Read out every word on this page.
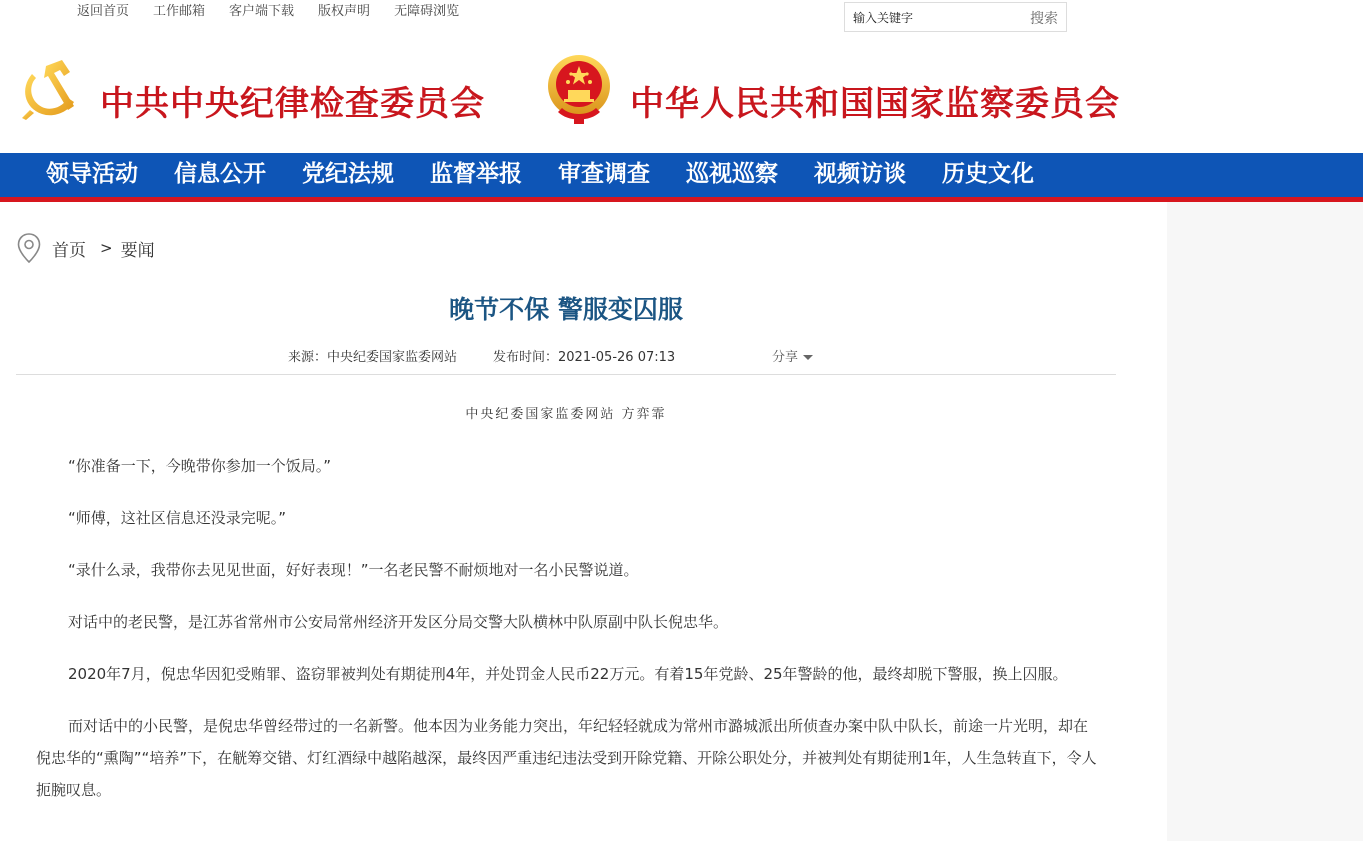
返回首页 工作邮箱 客户端下载 版权声明 无障碍浏览
输入关键字	搜索
中共中央纪律检查委员会	中华人民共和国国家监察委员会
领导活动	信息公开	党纪法规	监督举报	审查调查	巡视巡察	视频访谈	历史文化
首页 > 要闻
晚节不保 警服变囚服
来源：中央纪委国家监委网站	发布时间：2021-05-26 07:13	分享
中央纪委国家监委网站 方弈霏

“你准备一下，今晚带你参加一个饭局。”

“师傅，这社区信息还没录完呢。”

“录什么录，我带你去见见世面，好好表现！”一名老民警不耐烦地对一名小民警说道。

对话中的老民警，是江苏省常州市公安局常州经济开发区分局交警大队横林中队原副中队长倪忠华。

2020年7月，倪忠华因犯受贿罪、盗窃罪被判处有期徒刑4年，并处罚金人民币22万元。有着15年党龄、25年警龄的他，最终却脱下警服，换上囚服。

而对话中的小民警，是倪忠华曾经带过的一名新警。他本因为业务能力突出，年纪轻轻就成为常州市潞城派出所侦查办案中队中队长，前途一片光明，却在倪忠华的“熏陶”“培养”下，在觥筹交错、灯红酒绿中越陷越深，最终因严重违纪违法受到开除党籍、开除公职处分，并被判处有期徒刑1年，人生急转直下，令人扼腕叹息。
